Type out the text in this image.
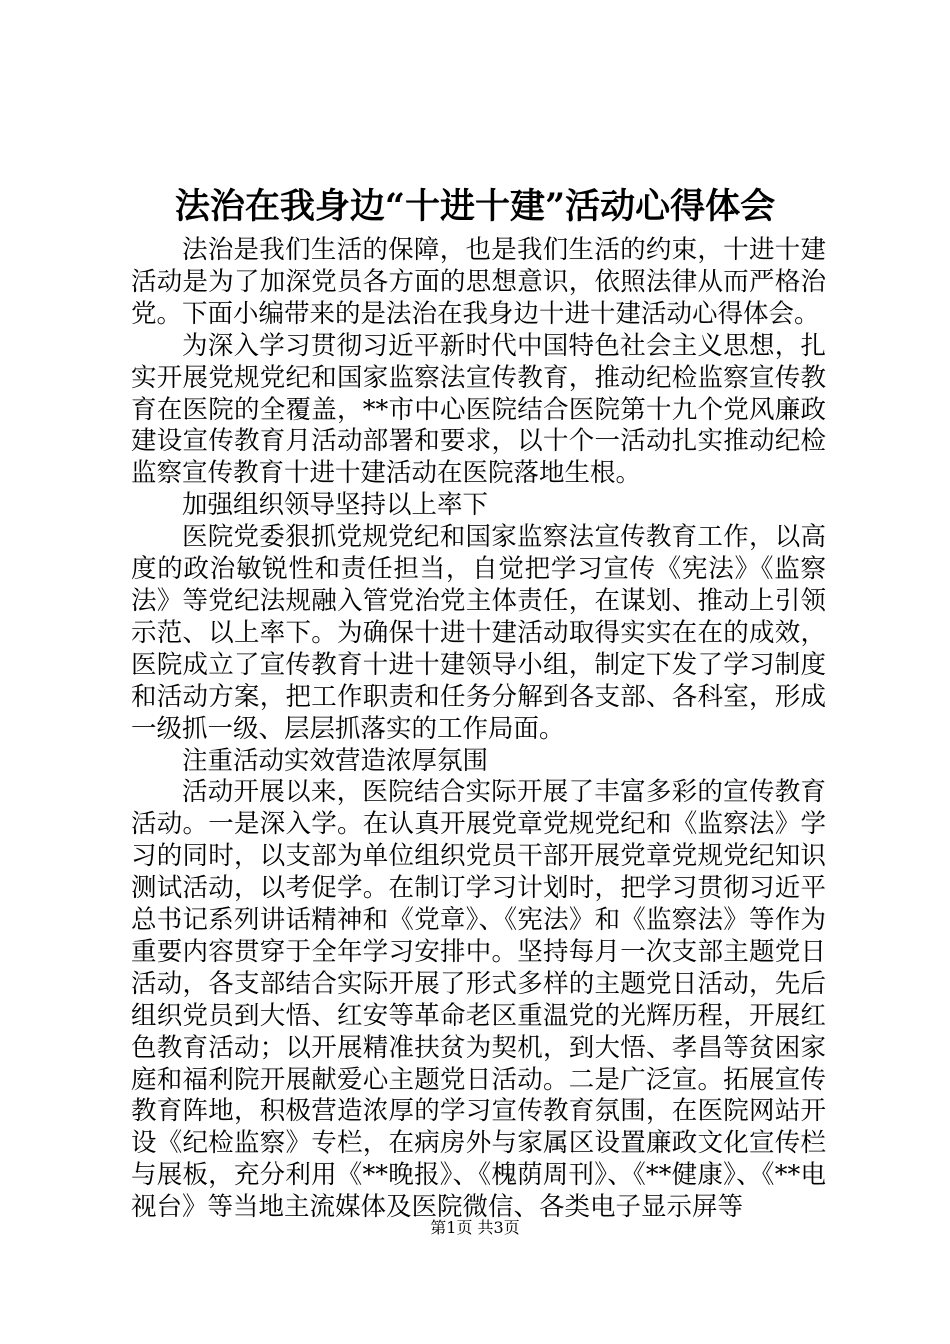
法治在我身边“十进十建”活动心得体会

法治是我们生活的保障，也是我们生活的约束，十进十建活动是为了加深党员各方面的思想意识，依照法律从而严格治党。下面小编带来的是法治在我身边十进十建活动心得体会。

为深入学习贯彻习近平新时代中国特色社会主义思想，扎实开展党规党纪和国家监察法宣传教育，推动纪检监察宣传教育在医院的全覆盖，**市中心医院结合医院第十九个党风廉政建设宣传教育月活动部署和要求，以十个一活动扎实推动纪检监察宣传教育十进十建活动在医院落地生根。

加强组织领导坚持以上率下

医院党委狠抓党规党纪和国家监察法宣传教育工作，以高度的政治敏锐性和责任担当，自觉把学习宣传《宪法》《监察法》等党纪法规融入管党治党主体责任，在谋划、推动上引领示范、以上率下。为确保十进十建活动取得实实在在的成效，医院成立了宣传教育十进十建领导小组，制定下发了学习制度和活动方案，把工作职责和任务分解到各支部、各科室，形成一级抓一级、层层抓落实的工作局面。

注重活动实效营造浓厚氛围

活动开展以来，医院结合实际开展了丰富多彩的宣传教育活动。一是深入学。在认真开展党章党规党纪和《监察法》学习的同时，以支部为单位组织党员干部开展党章党规党纪知识测试活动，以考促学。在制订学习计划时，把学习贯彻习近平总书记系列讲话精神和《党章》、《宪法》和《监察法》等作为重要内容贯穿于全年学习安排中。坚持每月一次支部主题党日活动，各支部结合实际开展了形式多样的主题党日活动，先后组织党员到大悟、红安等革命老区重温党的光辉历程，开展红色教育活动；以开展精准扶贫为契机，到大悟、孝昌等贫困家庭和福利院开展献爱心主题党日活动。二是广泛宣。拓展宣传教育阵地，积极营造浓厚的学习宣传教育氛围，在医院网站开设《纪检监察》专栏，在病房外与家属区设置廉政文化宣传栏与展板，充分利用《**晚报》、《槐荫周刊》、《**健康》、《**电视台》等当地主流媒体及医院微信、各类电子显示屏等

第1页 共3页
